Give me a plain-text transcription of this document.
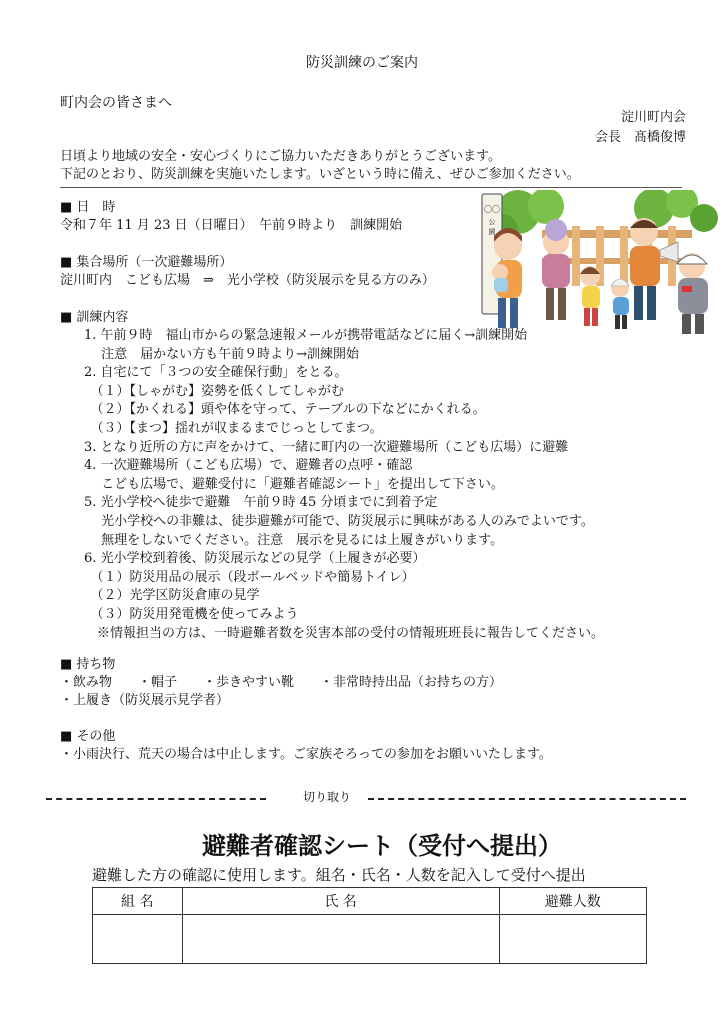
防災訓練のご案内
町内会の皆さまへ
淀川町内会
会長　髙橋俊博
日頃より地域の安全・安心づくりにご協力いただきありがとうございます。
下記のとおり、防災訓練を実施いたします。いざという時に備え、ぜひご参加ください。
■ 日　時
令和７年 11 月 23 日（日曜日）　午前９時より　訓練開始
■ 集合場所（一次避難場所）
淀川町内　こども広場　⇒　光小学校（防災展示を見る方のみ）
■ 訓練内容
1. 午前９時　福山市からの緊急速報メールが携帯電話などに届く→訓練開始
　 注意　届かない方も午前９時より→訓練開始
2. 自宅にて「３つの安全確保行動」をとる。
　（１）【しゃがむ】姿勢を低くしてしゃがむ
　（２）【かくれる】頭や体を守って、テーブルの下などにかくれる。
　（３）【まつ】揺れが収まるまでじっとしてまつ。
3. となり近所の方に声をかけて、一緒に町内の一次避難場所（こども広場）に避難
4. 一次避難場所（こども広場）で、避難者の点呼・確認
　 こども広場で、避難受付に「避難者確認シート」を提出して下さい。
5. 光小学校へ徒歩で避難　午前９時 45 分頃までに到着予定
　 光小学校への非難は、徒歩避難が可能で、防災展示に興味がある人のみでよいです。
　 無理をしないでください。注意　展示を見るには上履きがいります。
6. 光小学校到着後、防災展示などの見学（上履きが必要）
　（１）防災用品の展示（段ボールベッドや簡易トイレ）
　（２）光学区防災倉庫の見学
　（３）防災用発電機を使ってみよう
　※情報担当の方は、一時避難者数を災害本部の受付の情報班班長に報告してください。
■ 持ち物
・飲み物　　・帽子　　・歩きやすい靴　　・非常時持出品（お持ちの方）
・上履き（防災展示見学者）
■ その他
・小雨決行、荒天の場合は中止します。ご家族そろっての参加をお願いいたします。
〇〇
公
園
切り取り
避難者確認シート（受付へ提出）
避難した方の確認に使用します。組名・氏名・人数を記入して受付へ提出
組 名	氏 名	避難人数
